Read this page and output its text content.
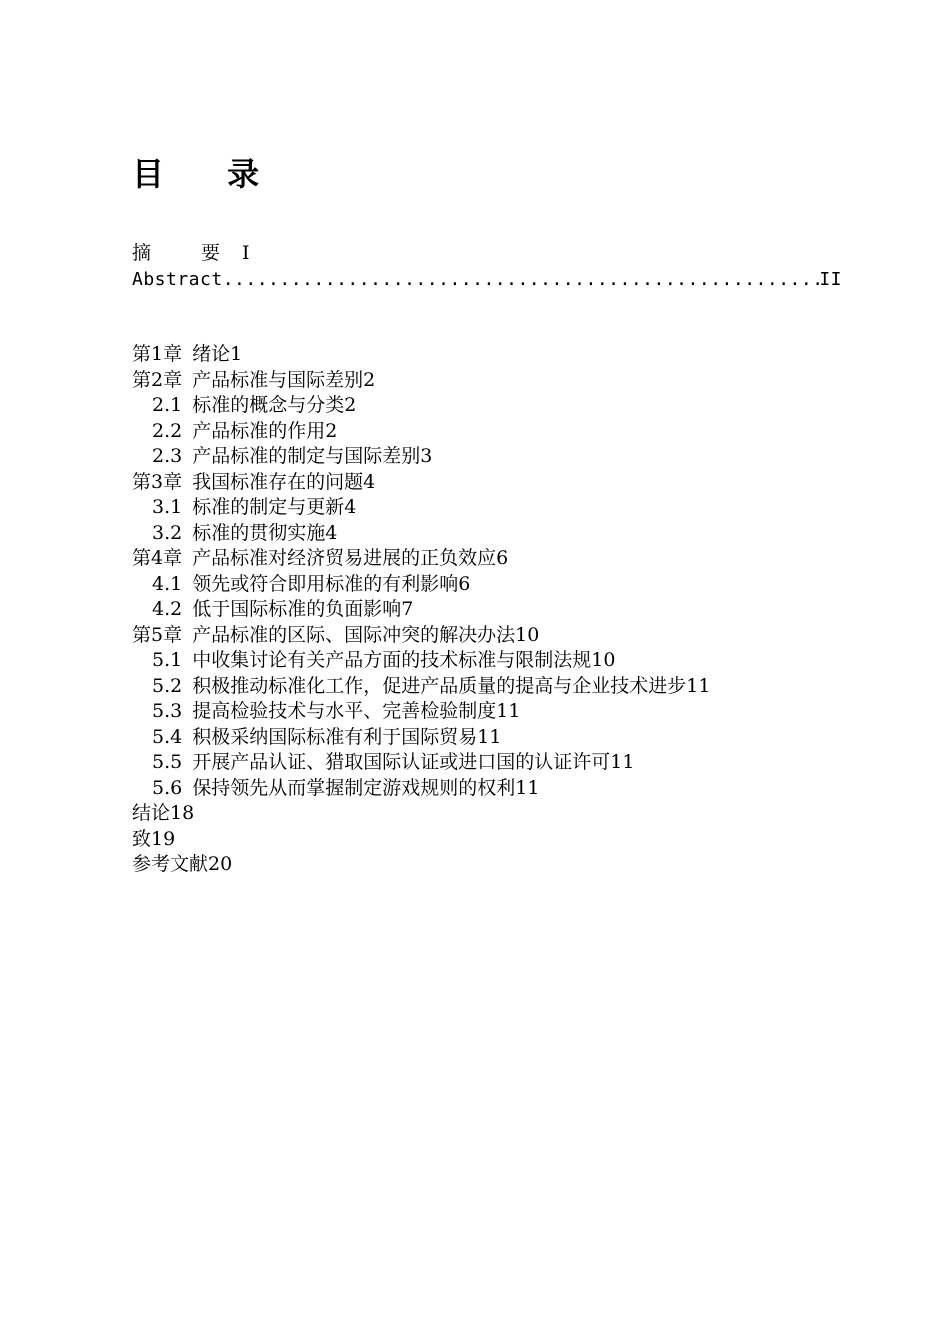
目 录
摘 要I
Abstract
.....	II
第1章 绪论1
第2章 产品标准与国际差别2
2.1 标准的概念与分类2
2.2 产品标准的作用2
2.3 产品标准的制定与国际差别3
第3章 我国标准存在的问题4
3.1 标准的制定与更新4
3.2 标准的贯彻实施4
第4章 产品标准对经济贸易进展的正负效应6
4.1 领先或符合即用标准的有利影响6
4.2 低于国际标准的负面影响7
第5章 产品标准的区际、国际冲突的解决办法10
5.1 中收集讨论有关产品方面的技术标准与限制法规10
5.2 积极推动标准化工作，促进产品质量的提高与企业技术进步11
5.3 提高检验技术与水平、完善检验制度11
5.4 积极采纳国际标准有利于国际贸易11
5.5 开展产品认证、猎取国际认证或进口国的认证许可11
5.6 保持领先从而掌握制定游戏规则的权利11
结论18
致19
参考文献20
